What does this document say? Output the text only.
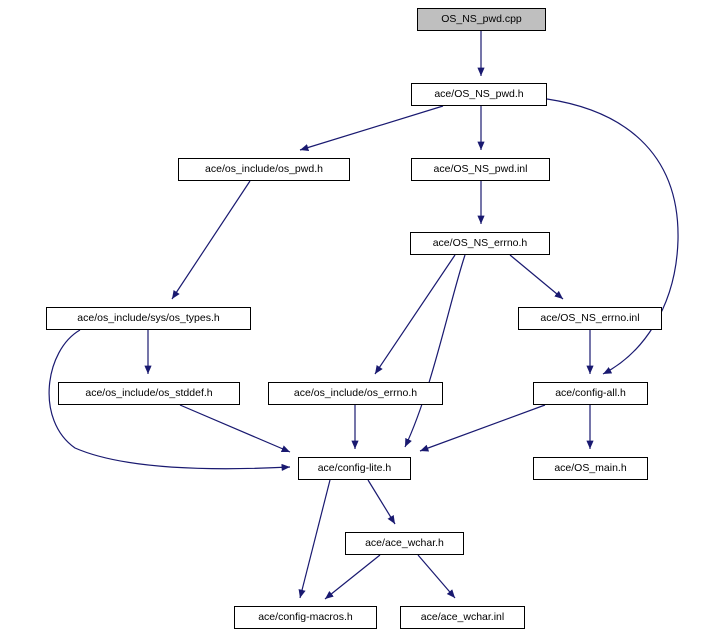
OS_NS_pwd.cpp
ace/OS_NS_pwd.h
ace/os_include/os_pwd.h	ace/OS_NS_pwd.inl
ace/OS_NS_errno.h
ace/os_include/sys/os_types.h	ace/OS_NS_errno.inl
ace/os_include/os_stddef.h	ace/os_include/os_errno.h	ace/config-all.h
ace/config-lite.h	ace/OS_main.h
ace/ace_wchar.h
ace/config-macros.h	ace/ace_wchar.inl
